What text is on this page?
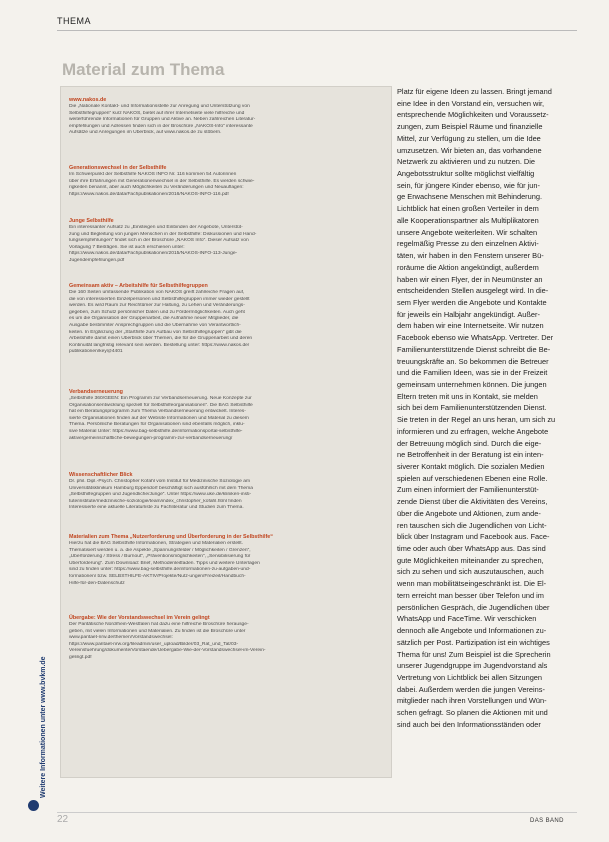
THEMA
Material zum Thema
www.nakos.de
Die „Nationale Kontakt- und Informationsstelle zur Anregung und Unterstützung von
Selbsthilfegruppen“ kurz NAKOS, bietet auf ihrer Internetseite viele hilfreiche und
weiterführende Informationen für Gruppen und Aktive an. Neben zahlreichen Literatur-
empfehlungen und Adressen finden sich in der Broschüre „NAKOS-Info“ interessante
Aufsätze und Anregungen im Überblick, auf www.nakos.de zu stöbern.
Generationswechsel in der Selbsthilfe
Im Schwerpunkt der Selbsthilfe NAKOS INFO Nr. 116 kommen 54 Autorinnen
über ihre Erfahrungen mit Generationenwechsel in der Selbsthilfe. Es werden schwie-
rigkeiten benannt, aber auch Möglichkeiten zu Veränderungen und Neuauflagen:
https://www.nakos.de/data/Fachpublikationen/2016/NAKOS-INFO-116.pdf
Junge Selbsthilfe
Ein interessanter Aufsatz zu „Einsteigen und Einbinden der Angebote, Unterstüt-
zung und Begleitung von jungen Menschen in der Selbsthilfe: Diskussionen und Hand-
lungsempfehlungen“ findet sich in der Broschüre „NAKOS Info“. Dieser Aufsatz von
Vorlagung 7 Beiträgen. Sie ist auch erschienen unter:
https://www.nakos.de/data/Fachpublikationen/2015/NAKOS-INFO-113-Junge-
Jugendempfehlungen.pdf
Gemeinsam aktiv – Arbeitshilfe für Selbsthilfegruppen
Die 160 Seiten umfassende Publikation von NAKOS greift zahlreiche Fragen auf,
die von interessierten Einzelpersonen und Selbsthilfegruppen immer wieder gestellt
werden. Es wird Raum zur Reichtümer zur Haltung, zu Lehen und Veränderungs-
gegeben, zum Schutz persönlicher Daten und zu Fördermöglichkeiten. Auch geht
es um die Organisation der Gruppenarbeit, die Aufnahme neuer Mitglieder, die
Ausgabe bestimmter Ansprechgruppen und die Übernahme von Verantwortlich-
keiten. In Ergänzung der „Starthilfe zum Aufbau von Selbsthilfegruppen“ gibt die
Arbeitshilfe damit einen Überblick über Themen, die für die Gruppenarbeit und deren
Kontinuität langfristig relevant sein werden. Bestellung unter: https://www.nakos.de/
publikationen/key@4401
Verbandserneuerung
„Selbsthilfe 360/GEEN: Ein Programm zur Verbandserneuerung. Neue Konzepte zur
Organisationsentwicklung speziell für Selbsthilfeorganisationen“. Die BAG Selbsthilfe
hat ein Beratungsprogramm zum Thema Verbandserneuerung entwickelt. Interes-
sierte Organisationen finden auf der Website Informationen und Material zu diesem
Thema. Persönliche Beratungen für Organisationen sind ebenfalls möglich, inklu-
sive Material Unter: https://www.bag-selbsthilfe.de/informationsportal-selbsthilfe-
aktive/gemeinschaftliche-bewegungen-programm-zur-verbandserneuerung/
Wissenschaftlicher Blick
Dr. phil. Dipl.-Psych. Christopher Kofahl vom Institut für Medizinische Soziologie am
Universitätsklinikum Hamburg Eppendorf beschäftigt sich ausführlich mit dem Thema
„Selbsthilfegruppen und Jugendliche/Junge“. Unter https://www.uke.de/kliniken-insti-
tute/institute/medizinische-soziologie/team/index_christopher_kofahl.html finden
Interessierte eine aktuelle Literaturliste zu Fachliteratur und Studien zum Thema.
Materialien zum Thema „Nutzerforderung und Überforderung in der Selbsthilfe“
Hierzu hat die BAG Selbsthilfe Informationen, Strategien und Materialien erstellt.
Thematisiert werden u. a. die Aspekte „Spannungsfelder / Möglichkeiten / Grenzen“,
„Überforderung / Stress / Burnout“, „Präventionsmöglichkeiten“, „Sensibilisierung für
Überforderung“. Zum Download: Brief, Methodenleitfaden. Tipps und weitere Unterlagen
sind zu finden unter: https://www.bag-selbsthilfe.de/informationen-zu-aufgaben-und-
formationen/ bzw. SELBSTHILFE-AKTIV/Projekte/Nutz-ungen/Freizeit/Handbuch-
Hilfe-für-den-Datenschutz
Übergabe: Wie der Vorstandswechsel im Verein gelingt
Der Paritätische Nordrhein-Westfalen hat dazu eine hilfreiche Broschüre herausge-
geben, mit vielen Informationen und Materialien. Zu finden ist die Broschüre unter
www.paritaet-nrw.de/themen/Vorstandswechsel:
https://www.paritaet-nrw.org/fileadmin/user_upload/Bilder/03_Rat_und_Tat/03-
Vereinsfuehrung/dokumente/Vorstaende/Uebergabe-Wie-der-Vorstandswechsel-im-Verein-
gelingt.pdf
Platz für eigene Ideen zu lassen. Bringt jemand
eine Idee in den Vorstand ein, versuchen wir,
entsprechende Möglichkeiten und Voraussetz-
zungen, zum Beispiel Räume und finanzielle
Mittel, zur Verfügung zu stellen, um die Idee
umzusetzen. Wir bieten an, das vorhandene
Netzwerk zu aktivieren und zu nutzen. Die
Angebotsstruktur sollte möglichst vielfältig
sein, für jüngere Kinder ebenso, wie für jun-
ge Erwachsene Menschen mit Behinderung.
Lichtblick hat einen großen Verteiler in dem
alle Kooperationspartner als Multiplikatoren
unsere Angebote weiterleiten. Wir schalten
regelmäßig Presse zu den einzelnen Aktivi-
täten, wir haben in den Fenstern unserer Bü-
roräume die Aktion angekündigt, außerdem
haben wir einen Flyer, der in Neumünster an
entscheidenden Stellen ausgelegt wird. In die-
sem Flyer werden die Angebote und Kontakte
für jeweils ein Halbjahr angekündigt. Außer-
dem haben wir eine Internetseite. Wir nutzen
Facebook ebenso wie WhatsApp. Vertreter. Der
Familienunterstützende Dienst schreibt die Be-
treuungskräfte an. So bekommen die Betreuer
und die Familien Ideen, was sie in der Freizeit
gemeinsam unternehmen können. Die jungen
Eltern treten mit uns in Kontakt, sie melden
sich bei dem Familienunterstützenden Dienst.
Sie treten in der Regel an uns heran, um sich zu
informieren und zu erfragen, welche Angebote
der Betreuung möglich sind. Durch die eige-
ne Betroffenheit in der Beratung ist ein inten-
siverer Kontakt möglich. Die sozialen Medien
spielen auf verschiedenen Ebenen eine Rolle.
Zum einen informiert der Familienunterstüt-
zende Dienst über die Aktivitäten des Vereins,
über die Angebote und Aktionen, zum ande-
ren tauschen sich die Jugendlichen von Licht-
blick über Instagram und Facebook aus. Face-
time oder auch über WhatsApp aus. Das sind
gute Möglichkeiten miteinander zu sprechen,
sich zu sehen und sich auszutauschen, auch
wenn man mobilitätseingeschränkt ist. Die El-
tern erreicht man besser über Telefon und im
persönlichen Gespräch, die Jugendlichen über
WhatsApp und FaceTime. Wir verschicken
dennoch alle Angebote und Informationen zu-
sätzlich per Post. Partizipation ist ein wichtiges
Thema für uns! Zum Beispiel ist die Sprecherin
unserer Jugendgruppe im Jugendvorstand als
Vertretung von Lichtblick bei allen Sitzungen
dabei. Außerdem werden die jungen Vereins-
mitglieder nach ihren Vorstellungen und Wün-
schen gefragt. So planen die Aktionen mit und
sind auch bei den Informationsständen oder
Weitere Informationen unter www.bvkm.de
22	DAS BAND
